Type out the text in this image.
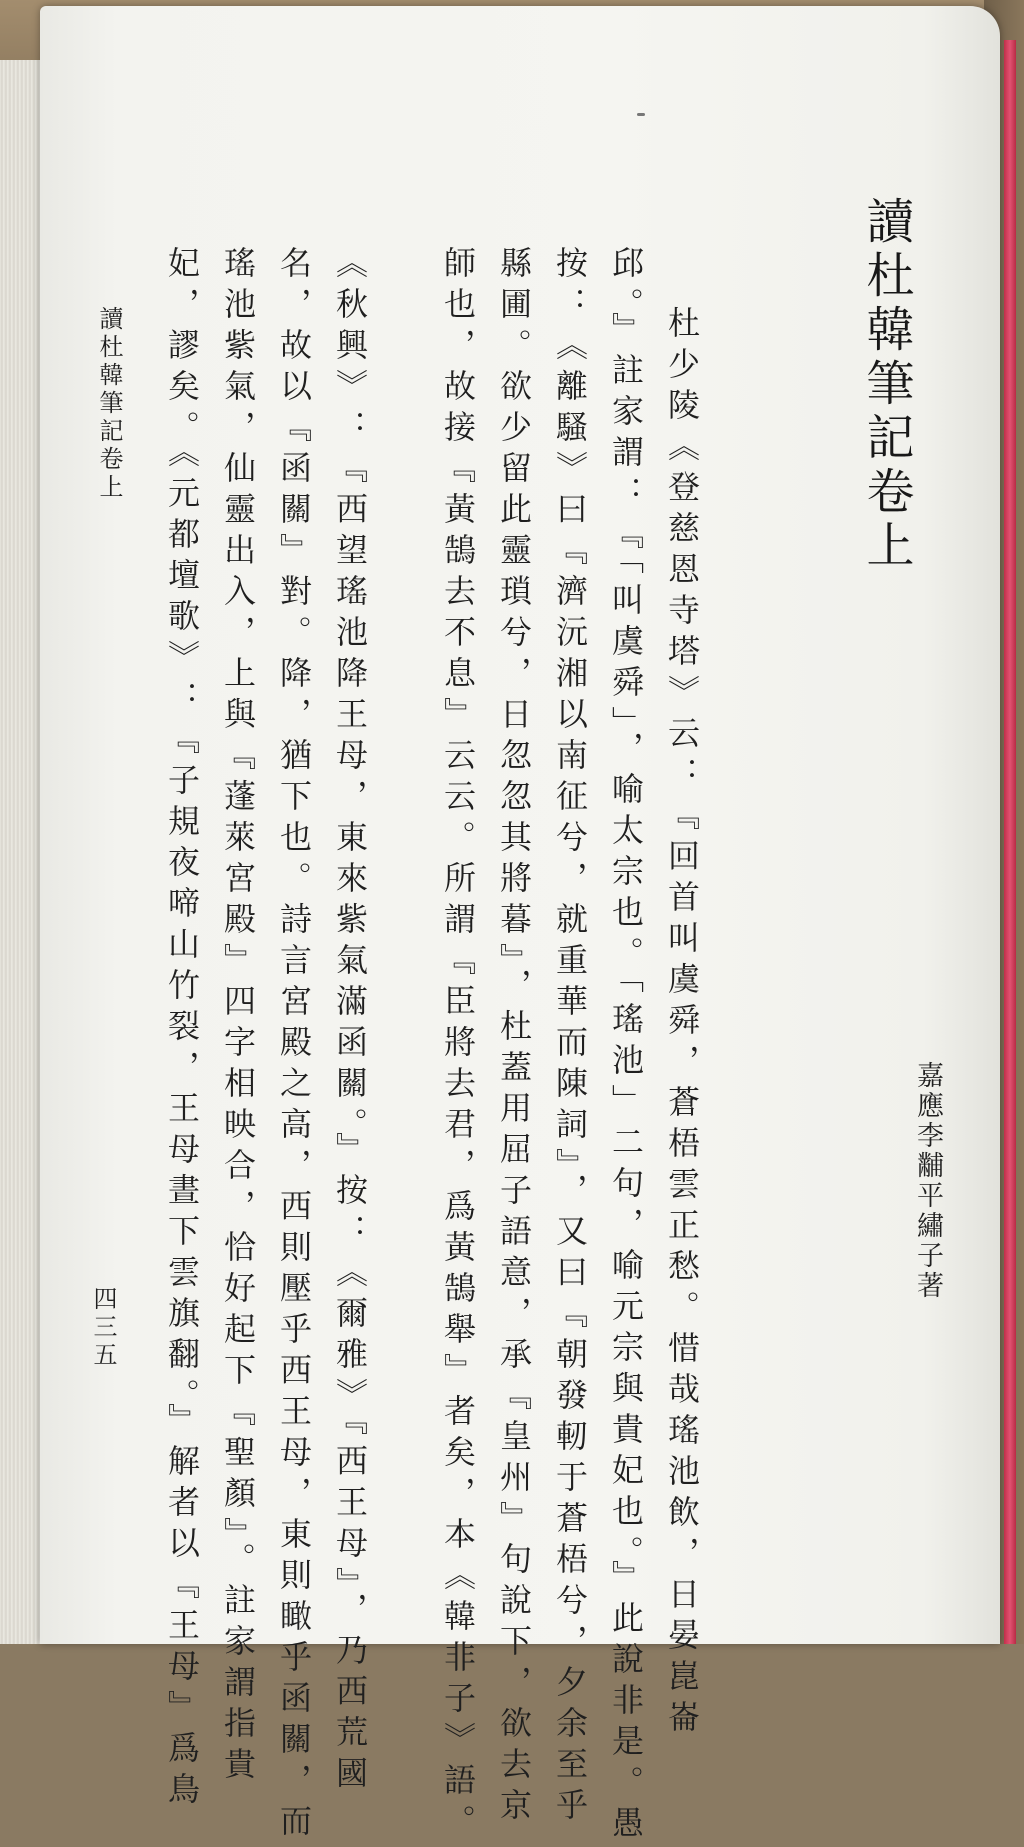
讀杜韓筆記卷上
嘉應李黼平繡子著
杜少陵《登慈恩寺塔》云：『回首叫虞舜，蒼梧雲正愁。惜哉瑤池飲，日晏崑崙
邱。』註家謂：『「叫虞舜」，喻太宗也。「瑤池」二句，喻元宗與貴妃也。』此說非是。愚
按：《離騷》曰『濟沅湘以南征兮，就重華而陳詞』，又曰『朝發軔于蒼梧兮，夕余至乎
縣圃。欲少留此靈瑣兮，日忽忽其將暮』，杜蓋用屈子語意，承『皇州』句說下，欲去京
師也，故接『黃鵠去不息』云云。所謂『臣將去君，爲黃鵠舉』者矣，本《韓非子》語。
《秋興》：『西望瑤池降王母，東來紫氣滿函關。』按：《爾雅》『西王母』，乃西荒國
名，故以『函關』對。降，猶下也。詩言宮殿之高，西則壓乎西王母，東則瞰乎函關，而
瑤池紫氣，仙靈出入，上與『蓬萊宮殿』四字相映合，恰好起下『聖顏』。註家謂指貴
妃，謬矣。《元都壇歌》：『子規夜啼山竹裂，王母晝下雲旗翻。』解者以『王母』爲鳥
讀杜韓筆記卷上
四三五
